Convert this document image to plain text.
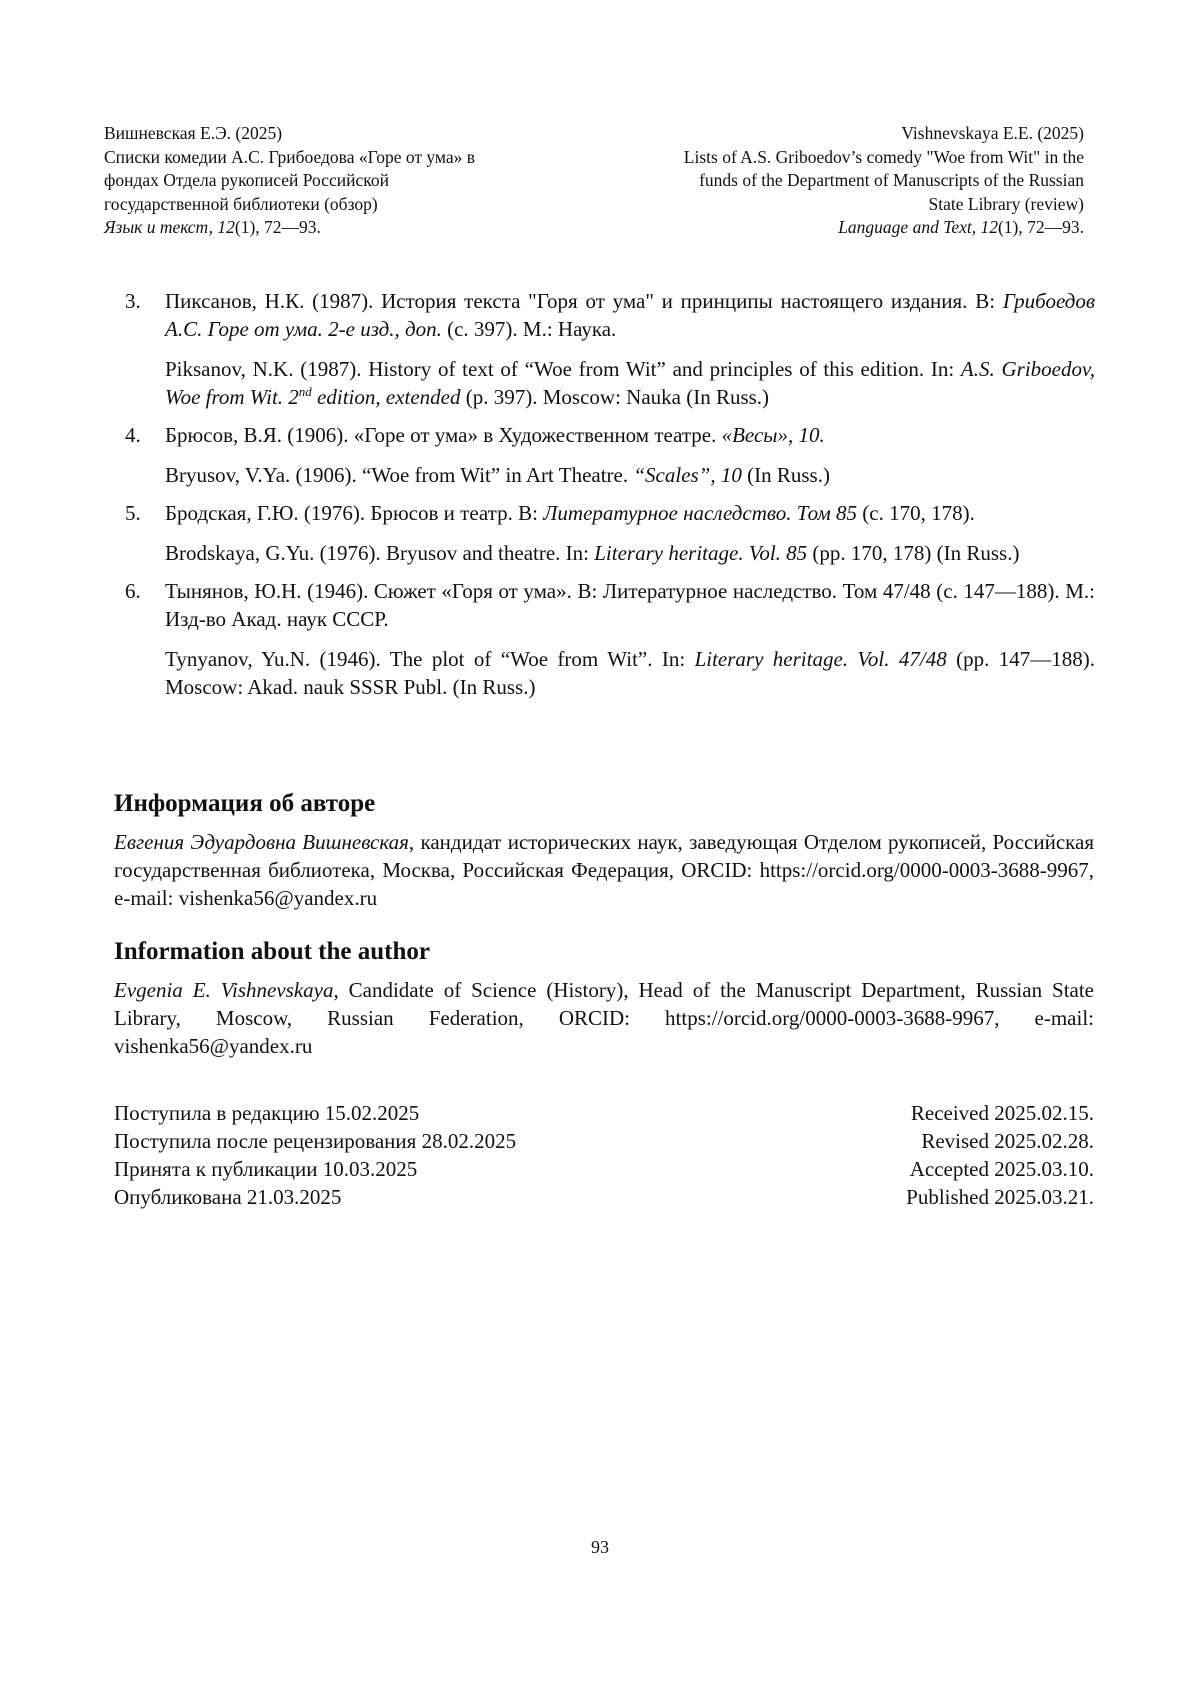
Вишневская Е.Э. (2025)
Списки комедии А.С. Грибоедова «Горе от ума» в
фондах Отдела рукописей Российской
государственной библиотеки (обзор)
Язык и текст, 12(1), 72—93.
Vishnevskaya E.E. (2025)
Lists of A.S. Griboedov’s comedy "Woe from Wit" in the
funds of the Department of Manuscripts of the Russian
State Library (review)
Language and Text, 12(1), 72—93.
3.	Пиксанов, Н.К. (1987). История текста "Горя от ума" и принципы настоящего издания. В: Грибоедов А.С. Горе от ума. 2-е изд., доп. (с. 397). М.: Наука.

Piksanov, N.K. (1987). History of text of “Woe from Wit” and principles of this edition. In: A.S. Griboedov, Woe from Wit. 2nd edition, extended (p. 397). Moscow: Nauka (In Russ.)

4.	Брюсов, В.Я. (1906). «Горе от ума» в Художественном театре. «Весы», 10.

Bryusov, V.Ya. (1906). “Woe from Wit” in Art Theatre. “Scales”, 10 (In Russ.)

5.	Бродская, Г.Ю. (1976). Брюсов и театр. В: Литературное наследство. Том 85 (с. 170, 178).

Brodskaya, G.Yu. (1976). Bryusov and theatre. In: Literary heritage. Vol. 85 (pp. 170, 178) (In Russ.)

6.	Тынянов, Ю.Н. (1946). Сюжет «Горя от ума». В: Литературное наследство. Том 47/48 (с. 147—188). М.: Изд-во Акад. наук СССР.

Tynyanov, Yu.N. (1946). The plot of “Woe from Wit”. In: Literary heritage. Vol. 47/48 (pp. 147—188). Moscow: Akad. nauk SSSR Publ. (In Russ.)

Информация об авторе

Евгения Эдуардовна Вишневская, кандидат исторических наук, заведующая Отделом рукописей, Российская государственная библиотека, Москва, Российская Федерация, ORCID: https://orcid.org/0000-0003-3688-9967, e-mail: vishenka56@yandex.ru

Information about the author

Evgenia E. Vishnevskaya, Candidate of Science (History), Head of the Manuscript Department, Russian State Library, Moscow, Russian Federation, ORCID: https://orcid.org/0000-0003-3688-9967, e-mail: vishenka56@yandex.ru

Поступила в редакцию 15.02.2025
Поступила после рецензирования 28.02.2025
Принята к публикации 10.03.2025
Опубликована 21.03.2025
Received 2025.02.15.
Revised 2025.02.28.
Accepted 2025.03.10.
Published 2025.03.21.
93
